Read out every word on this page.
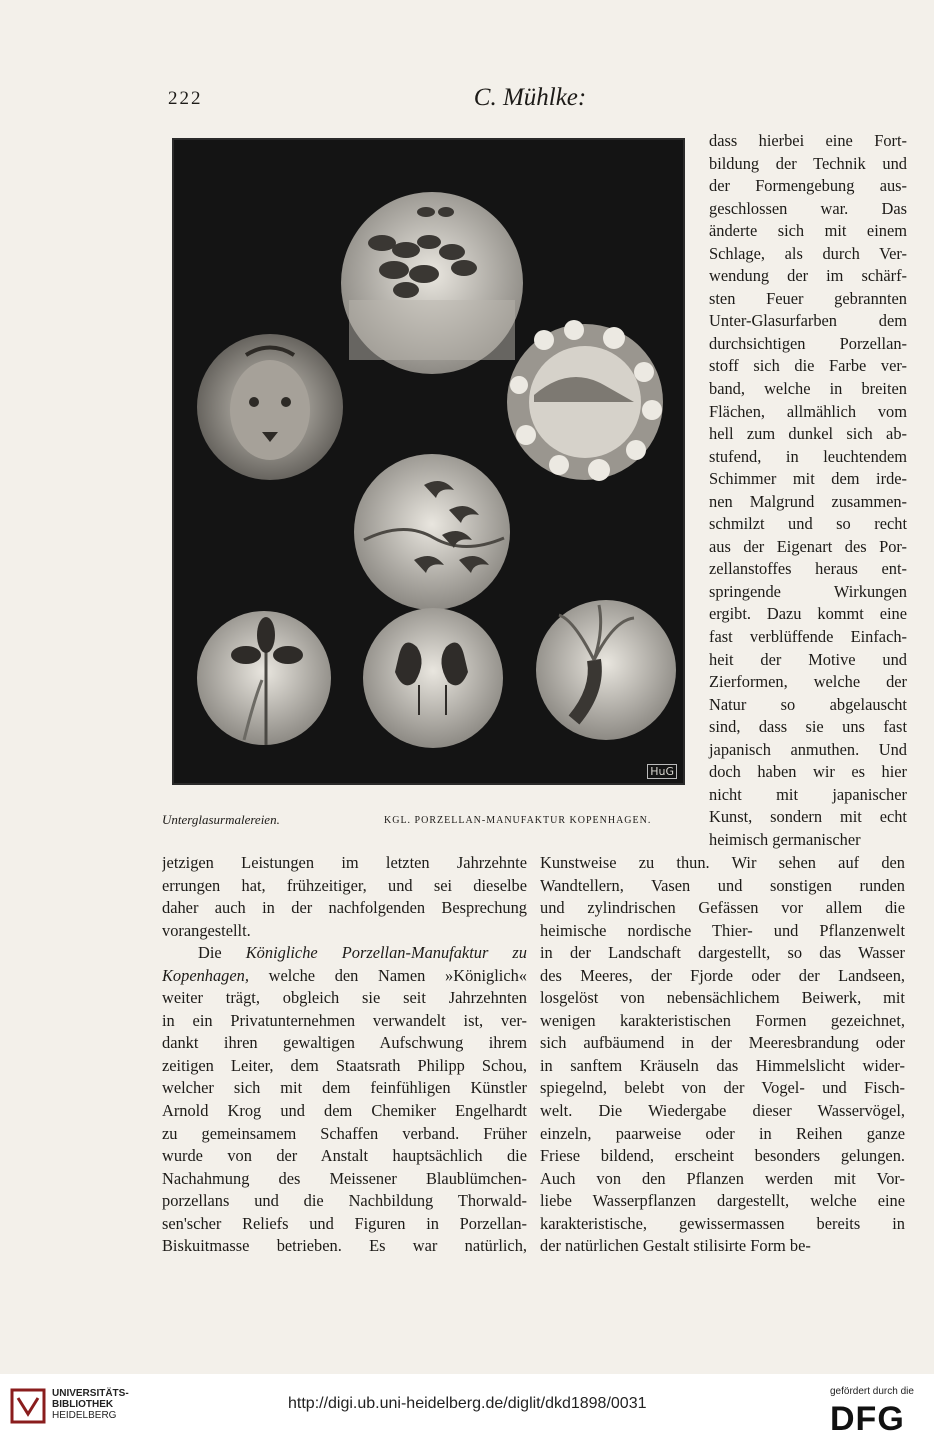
222	C. Mühlke:
HuG
Unterglasurmalereien.	KGL. PORZELLAN-MANUFAKTUR KOPENHAGEN.
dass hierbei eine Fort-
bildung der Technik und
der Formengebung aus-
geschlossen war. Das
änderte sich mit einem
Schlage, als durch Ver-
wendung der im schärf-
sten Feuer gebrannten
Unter-Glasurfarben dem
durchsichtigen Porzellan-
stoff sich die Farbe ver-
band, welche in breiten
Flächen, allmählich vom
hell zum dunkel sich ab-
stufend, in leuchtendem
Schimmer mit dem irde-
nen Malgrund zusammen-
schmilzt und so recht
aus der Eigenart des Por-
zellanstoffes heraus ent-
springende Wirkungen
ergibt. Dazu kommt eine
fast verblüffende Einfach-
heit der Motive und
Zierformen, welche der
Natur so abgelauscht
sind, dass sie uns fast
japanisch anmuthen. Und
doch haben wir es hier
nicht mit japanischer
Kunst, sondern mit echt
heimisch germanischer
jetzigen Leistungen im letzten Jahrzehnte
errungen hat, frühzeitiger, und sei dieselbe
daher auch in der nachfolgenden Besprechung
vorangestellt.
Die Königliche Porzellan-Manufaktur zu
Kopenhagen, welche den Namen »Königlich«
weiter trägt, obgleich sie seit Jahrzehnten
in ein Privatunternehmen verwandelt ist, ver-
dankt ihren gewaltigen Aufschwung ihrem
zeitigen Leiter, dem Staatsrath Philipp Schou,
welcher sich mit dem feinfühligen Künstler
Arnold Krog und dem Chemiker Engelhardt
zu gemeinsamem Schaffen verband. Früher
wurde von der Anstalt hauptsächlich die
Nachahmung des Meissener Blaublümchen-
porzellans und die Nachbildung Thorwald-
sen'scher Reliefs und Figuren in Porzellan-
Biskuitmasse betrieben. Es war natürlich,
Kunstweise zu thun. Wir sehen auf den
Wandtellern, Vasen und sonstigen runden
und zylindrischen Gefässen vor allem die
heimische nordische Thier- und Pflanzenwelt
in der Landschaft dargestellt, so das Wasser
des Meeres, der Fjorde oder der Landseen,
losgelöst von nebensächlichem Beiwerk, mit
wenigen karakteristischen Formen gezeichnet,
sich aufbäumend in der Meeresbrandung oder
in sanftem Kräuseln das Himmelslicht wider-
spiegelnd, belebt von der Vogel- und Fisch-
welt. Die Wiedergabe dieser Wasservögel,
einzeln, paarweise oder in Reihen ganze
Friese bildend, erscheint besonders gelungen.
Auch von den Pflanzen werden mit Vor-
liebe Wasserpflanzen dargestellt, welche eine
karakteristische, gewissermassen bereits in
der natürlichen Gestalt stilisirte Form be-
UNIVERSITÄTS-
BIBLIOTHEK
HEIDELBERG
http://digi.ub.uni-heidelberg.de/diglit/dkd1898/0031
gefördert durch die
DFG
